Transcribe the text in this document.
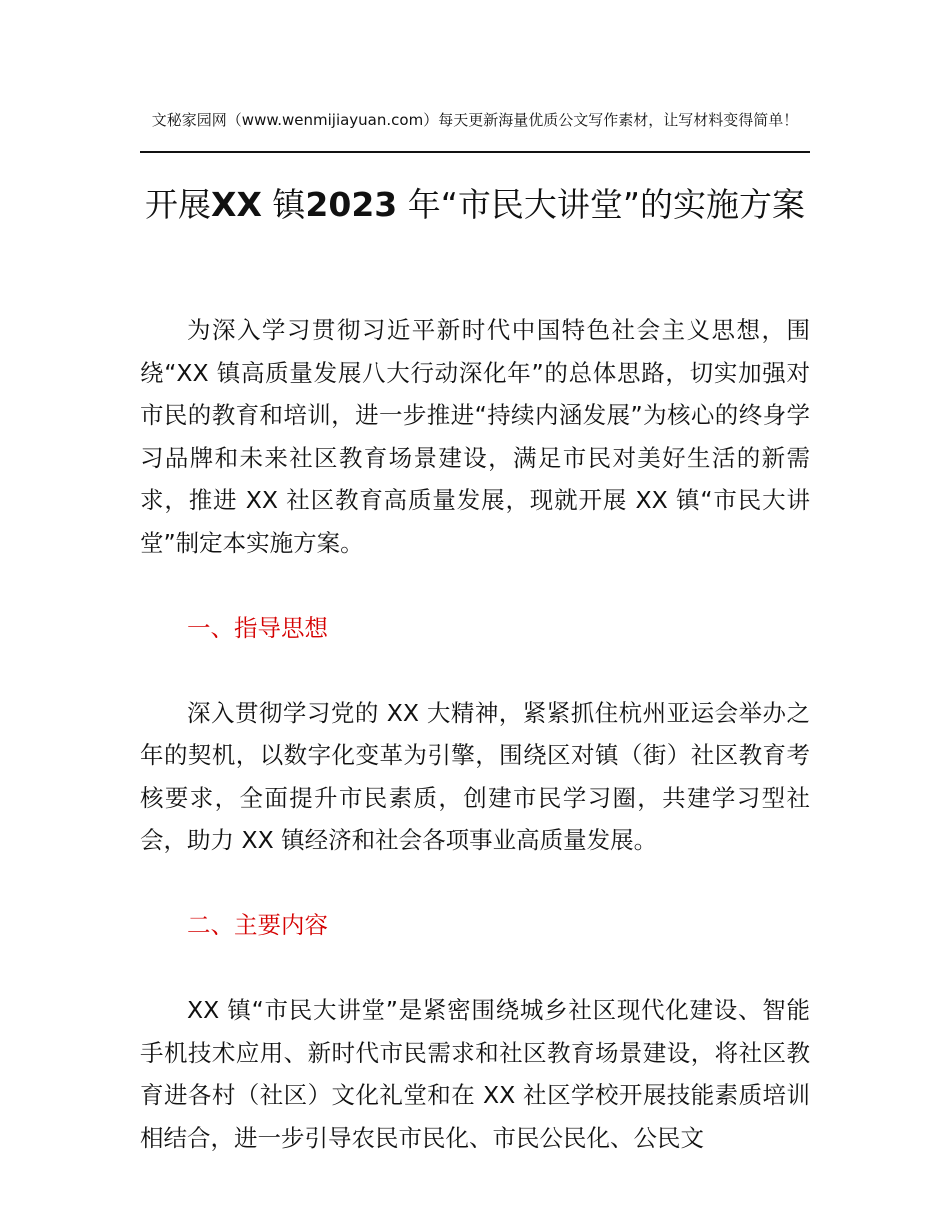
文秘家园网（www.wenmijiayuan.com）每天更新海量优质公文写作素材，让写材料变得简单！
开展XX 镇2023 年“市民大讲堂”的实施方案

为深入学习贯彻习近平新时代中国特色社会主义思想，围绕“XX 镇高质量发展八大行动深化年”的总体思路，切实加强对市民的教育和培训，进一步推进“持续内涵发展”为核心的终身学习品牌和未来社区教育场景建设，满足市民对美好生活的新需求，推进 XX 社区教育高质量发展，现就开展 XX 镇“市民大讲堂”制定本实施方案。

一、指导思想

深入贯彻学习党的 XX 大精神，紧紧抓住杭州亚运会举办之年的契机，以数字化变革为引擎，围绕区对镇（街）社区教育考核要求，全面提升市民素质，创建市民学习圈，共建学习型社会，助力 XX 镇经济和社会各项事业高质量发展。

二、主要内容

XX 镇“市民大讲堂”是紧密围绕城乡社区现代化建设、智能手机技术应用、新时代市民需求和社区教育场景建设，将社区教育进各村（社区）文化礼堂和在 XX 社区学校开展技能素质培训相结合，进一步引导农民市民化、市民公民化、公民文
